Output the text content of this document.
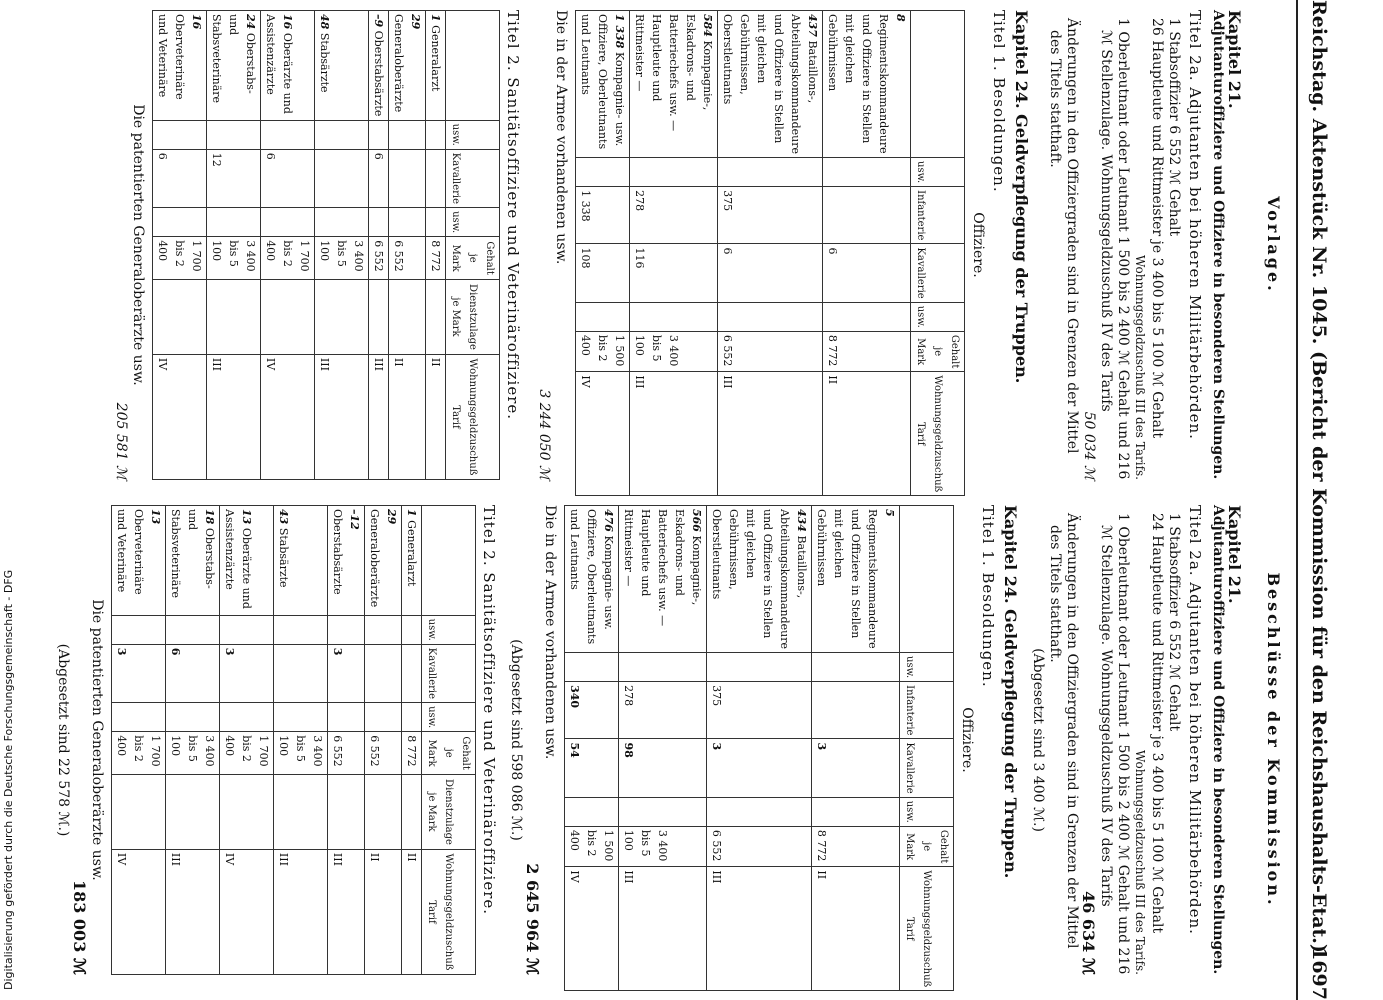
Reichstag. Aktenstück Nr. 1045. (Bericht der Kommission für den Reichshaushalts-Etat.)
1697
Vorlage.
Kapitel 21.
Adjutanturoffiziere und Offiziere in besonderen Stellungen.
Titel 2a. Adjutanten bei höheren Militärbehörden.

1 Stabsoffizier 6 552 ℳ Gehalt

26 Hauptleute und Rittmeister je 3 400 bis 5 100 ℳ Gehalt

Wohnungsgeldzuschuß III des Tarifs.

1 Oberleutnant oder Leutnant 1 500 bis 2 400 ℳ Gehalt und 216 ℳ Stellenzulage. Wohnungsgeldzuschuß IV des Tarifs

50 034 ℳ

Änderungen in den Offiziergraden sind in Grenzen der Mittel des Titels statthaft.

Kapitel 24. Geldverpflegung der Truppen.
Titel 1. Besoldungen.
Offiziere.
	usw.	Infanterie	Kavallerie	usw.	Gehalt je Mark	Wohnungsgeldzuschuß Tarif
8 Regimentskommandeure und Offiziere in Stellen mit gleichen Gebührnissen			6		8 772	II
437 Bataillons-, Abteilungskommandeure und Offiziere in Stellen mit gleichen Gebührnissen, Oberstleutnants		375	6		6 552	III
584 Kompagnie-, Eskadrons- und Batteriechefs usw. — Hauptleute und Rittmeister —		278	116		3 400 bis 5 100	III
1 338 Kompagnie- usw. Offiziere, Oberleutnants und Leutnants		1 338	108		1 500 bis 2 400	IV

Die in der Armee vorhandenen usw.

3 244 050 ℳ

Titel 2. Sanitätsoffiziere und Veterinäroffiziere.
	usw.	Kavallerie	usw.	Gehalt je Mark	Dienstzulage je Mark	Wohnungsgeldzuschuß Tarif
1 Generalarzt				8 772		II
29 Generaloberärzte				6 552		II
–9 Oberstabsärzte		6		6 552		III
48 Stabsärzte				3 400 bis 5 100		III
16 Oberärzte und Assistenzärzte		6		1 700 bis 2 400		IV
24 Oberstabs- und Stabsveterinäre		12		3 400 bis 5 100		III
16 Oberveterinäre und Veterinäre		6		1 700 bis 2 400		IV

Die patentierten Generaloberärzte usw.

205 581 ℳ

Beschlüsse der Kommission.
Kapitel 21.
Adjutanturoffiziere und Offiziere in besonderen Stellungen.
Titel 2a. Adjutanten bei höheren Militärbehörden.

1 Stabsoffizier 6 552 ℳ Gehalt

24 Hauptleute und Rittmeister je 3 400 bis 5 100 ℳ Gehalt

Wohnungsgeldzuschuß III des Tarifs.

1 Oberleutnant oder Leutnant 1 500 bis 2 400 ℳ Gehalt und 216 ℳ Stellenzulage. Wohnungsgeldzuschuß IV des Tarifs

46 634 ℳ

Änderungen in den Offiziergraden sind in Grenzen der Mittel des Titels statthaft.

(Abgesetzt sind 3 400 ℳ.)

Kapitel 24. Geldverpflegung der Truppen.
Titel 1. Besoldungen.
Offiziere.
	usw.	Infanterie	Kavallerie	usw.	Gehalt je Mark	Wohnungsgeldzuschuß Tarif
5 Regimentskommandeure und Offiziere in Stellen mit gleichen Gebührnissen			3		8 772	II
434 Bataillons-, Abteilungskommandeure und Offiziere in Stellen mit gleichen Gebührnissen, Oberstleutnants		375	3		6 552	III
566 Kompagnie-, Eskadrons- und Batteriechefs usw. — Hauptleute und Rittmeister —		278	98		3 400 bis 5 100	III
476 Kompagnie- usw. Offiziere, Oberleutnants und Leutnants		340	54		1 500 bis 2 400	IV

Die in der Armee vorhandenen usw.

2 645 964 ℳ

(Abgesetzt sind 598 086 ℳ.)

Titel 2. Sanitätsoffiziere und Veterinäroffiziere.
	usw.	Kavallerie	usw.	Gehalt je Mark	Dienstzulage je Mark	Wohnungsgeldzuschuß Tarif
1 Generalarzt				8 772		II
29 Generaloberärzte				6 552		II
–12 Oberstabsärzte		3		6 552		III
43 Stabsärzte				3 400 bis 5 100		III
13 Oberärzte und Assistenzärzte		3		1 700 bis 2 400		IV
18 Oberstabs- und Stabsveterinäre		6		3 400 bis 5 100		III
13 Oberveterinäre und Veterinäre		3		1 700 bis 2 400		IV

Die patentierten Generaloberärzte usw.

183 003 ℳ

(Abgesetzt sind 22 578 ℳ.)

Digitalisierung gefördert durch die Deutsche Forschungsgemeinschaft - DFG
